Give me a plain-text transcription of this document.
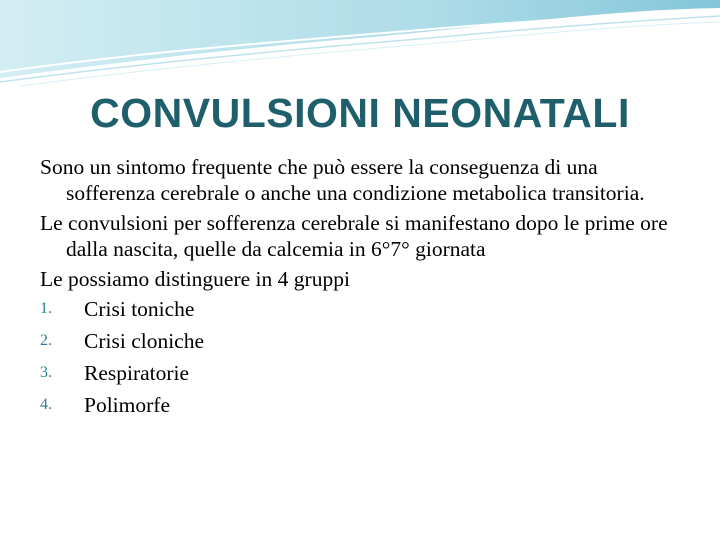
CONVULSIONI NEONATALI

Sono un sintomo frequente che può essere la conseguenza di una sofferenza cerebrale o anche una condizione metabolica transitoria.

Le convulsioni per sofferenza cerebrale si manifestano dopo le prime ore dalla nascita, quelle da calcemia in 6°7° giornata

Le possiamo distinguere in 4 gruppi

1.	Crisi toniche
2.	Crisi cloniche
3.	Respiratorie
4.	Polimorfe
